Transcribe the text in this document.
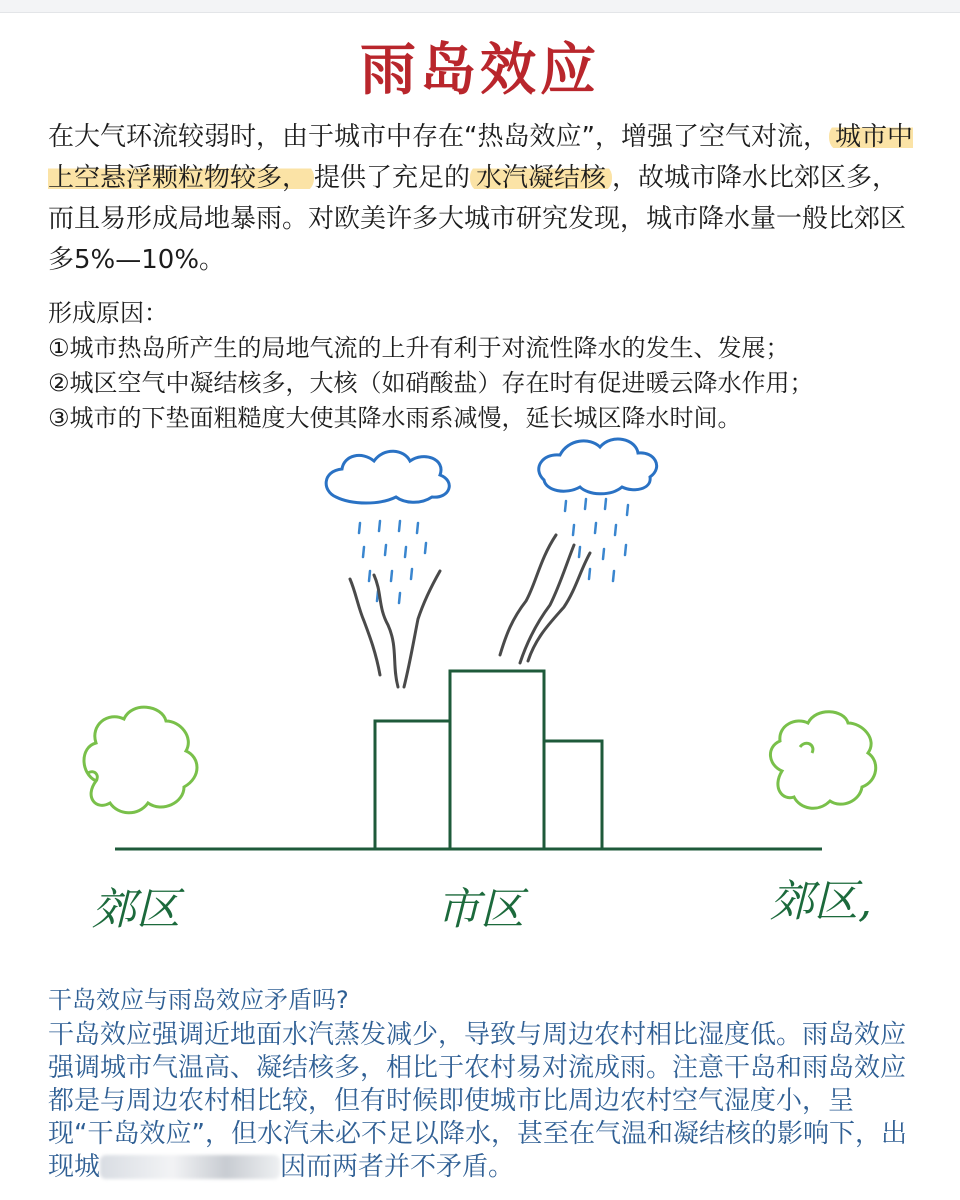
雨岛效应
在大气环流较弱时，由于城市中存在“热岛效应”，增强了空气对流， 城市中上空悬浮颗粒物较多， 提供了充足的 水汽凝结核 ，故城市降水比郊区多，而且易形成局地暴雨。对欧美许多大城市研究发现，城市降水量一般比郊区多5%—10%。
形成原因：
①城市热岛所产生的局地气流的上升有利于对流性降水的发生、发展；
②城区空气中凝结核多，大核（如硝酸盐）存在时有促进暖云降水作用；
③城市的下垫面粗糙度大使其降水雨系减慢，延长城区降水时间。
郊区	市区	郊区,
干岛效应与雨岛效应矛盾吗?
干岛效应强调近地面水汽蒸发减少，导致与周边农村相比湿度低。雨岛效应强调城市气温高、凝结核多，相比于农村易对流成雨。注意干岛和雨岛效应都是与周边农村相比较，但有时候即使城市比周边农村空气湿度小，呈现“干岛效应”，但水汽未必不足以降水，甚至在气温和凝结核的影响下，出现城	因而两者并不矛盾。
